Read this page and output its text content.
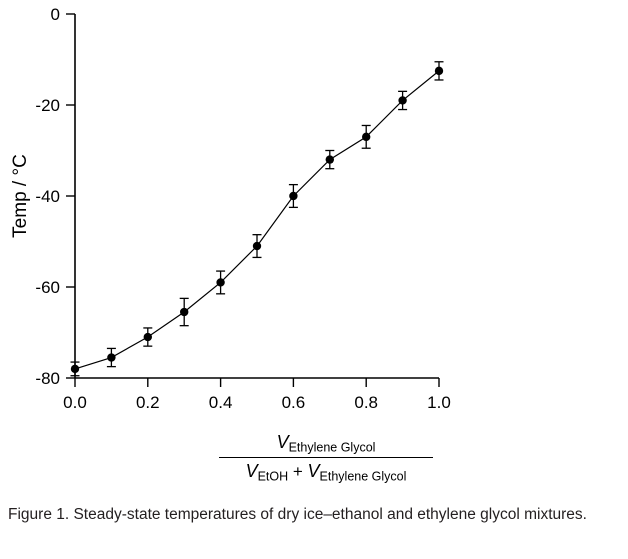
0
-20
-40
-60
-80
0.0	0.2	0.4	0.6	0.8	1.0
Temp / °C
$V_{Ethylene Glycol}$
$V_{EtOH} + V_{Ethylene Glycol}$
Figure 1. Steady-state temperatures of dry ice–ethanol and ethylene glycol mixtures.
